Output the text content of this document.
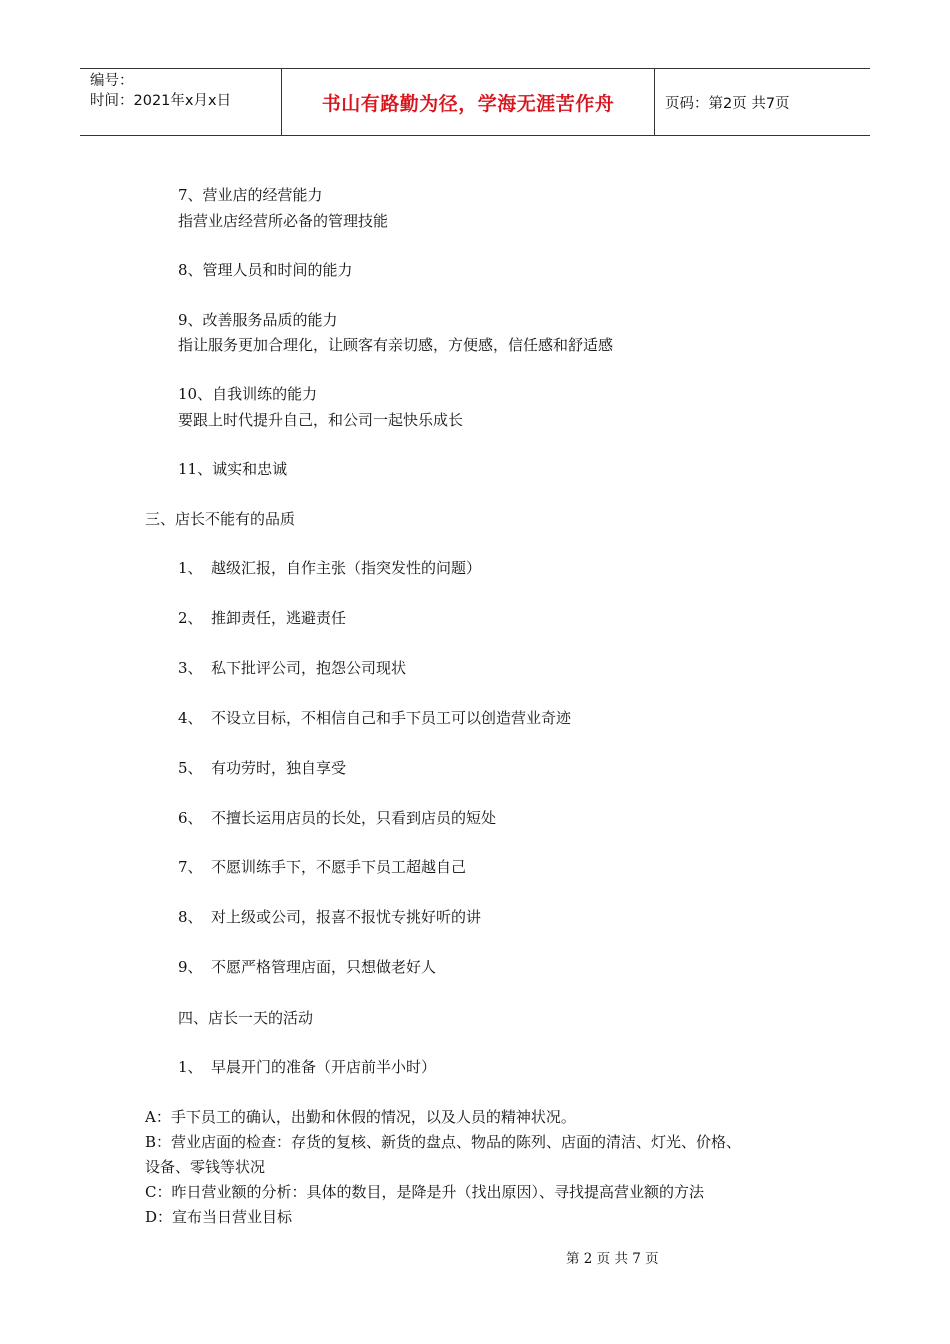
编号：
时间：2021年x月x日	书山有路勤为径，学海无涯苦作舟	页码：第2页 共7页
7、营业店的经营能力
指营业店经营所必备的管理技能
8、管理人员和时间的能力
9、改善服务品质的能力
指让服务更加合理化，让顾客有亲切感，方便感，信任感和舒适感
10、自我训练的能力
要跟上时代提升自己，和公司一起快乐成长
11、诚实和忠诚
三、店长不能有的品质
1、 越级汇报，自作主张（指突发性的问题）
2、 推卸责任，逃避责任
3、 私下批评公司，抱怨公司现状
4、 不设立目标，不相信自己和手下员工可以创造营业奇迹
5、 有功劳时，独自享受
6、 不擅长运用店员的长处，只看到店员的短处
7、 不愿训练手下，不愿手下员工超越自己
8、 对上级或公司，报喜不报忧专挑好听的讲
9、 不愿严格管理店面，只想做老好人
四、店长一天的活动
1、 早晨开门的准备（开店前半小时）
A：手下员工的确认，出勤和休假的情况，以及人员的精神状况。
B：营业店面的检查：存货的复核、新货的盘点、物品的陈列、店面的清洁、灯光、价格、
设备、零钱等状况
C：昨日营业额的分析：具体的数目，是降是升（找出原因）、寻找提高营业额的方法
D：宣布当日营业目标
第 2 页 共 7 页
